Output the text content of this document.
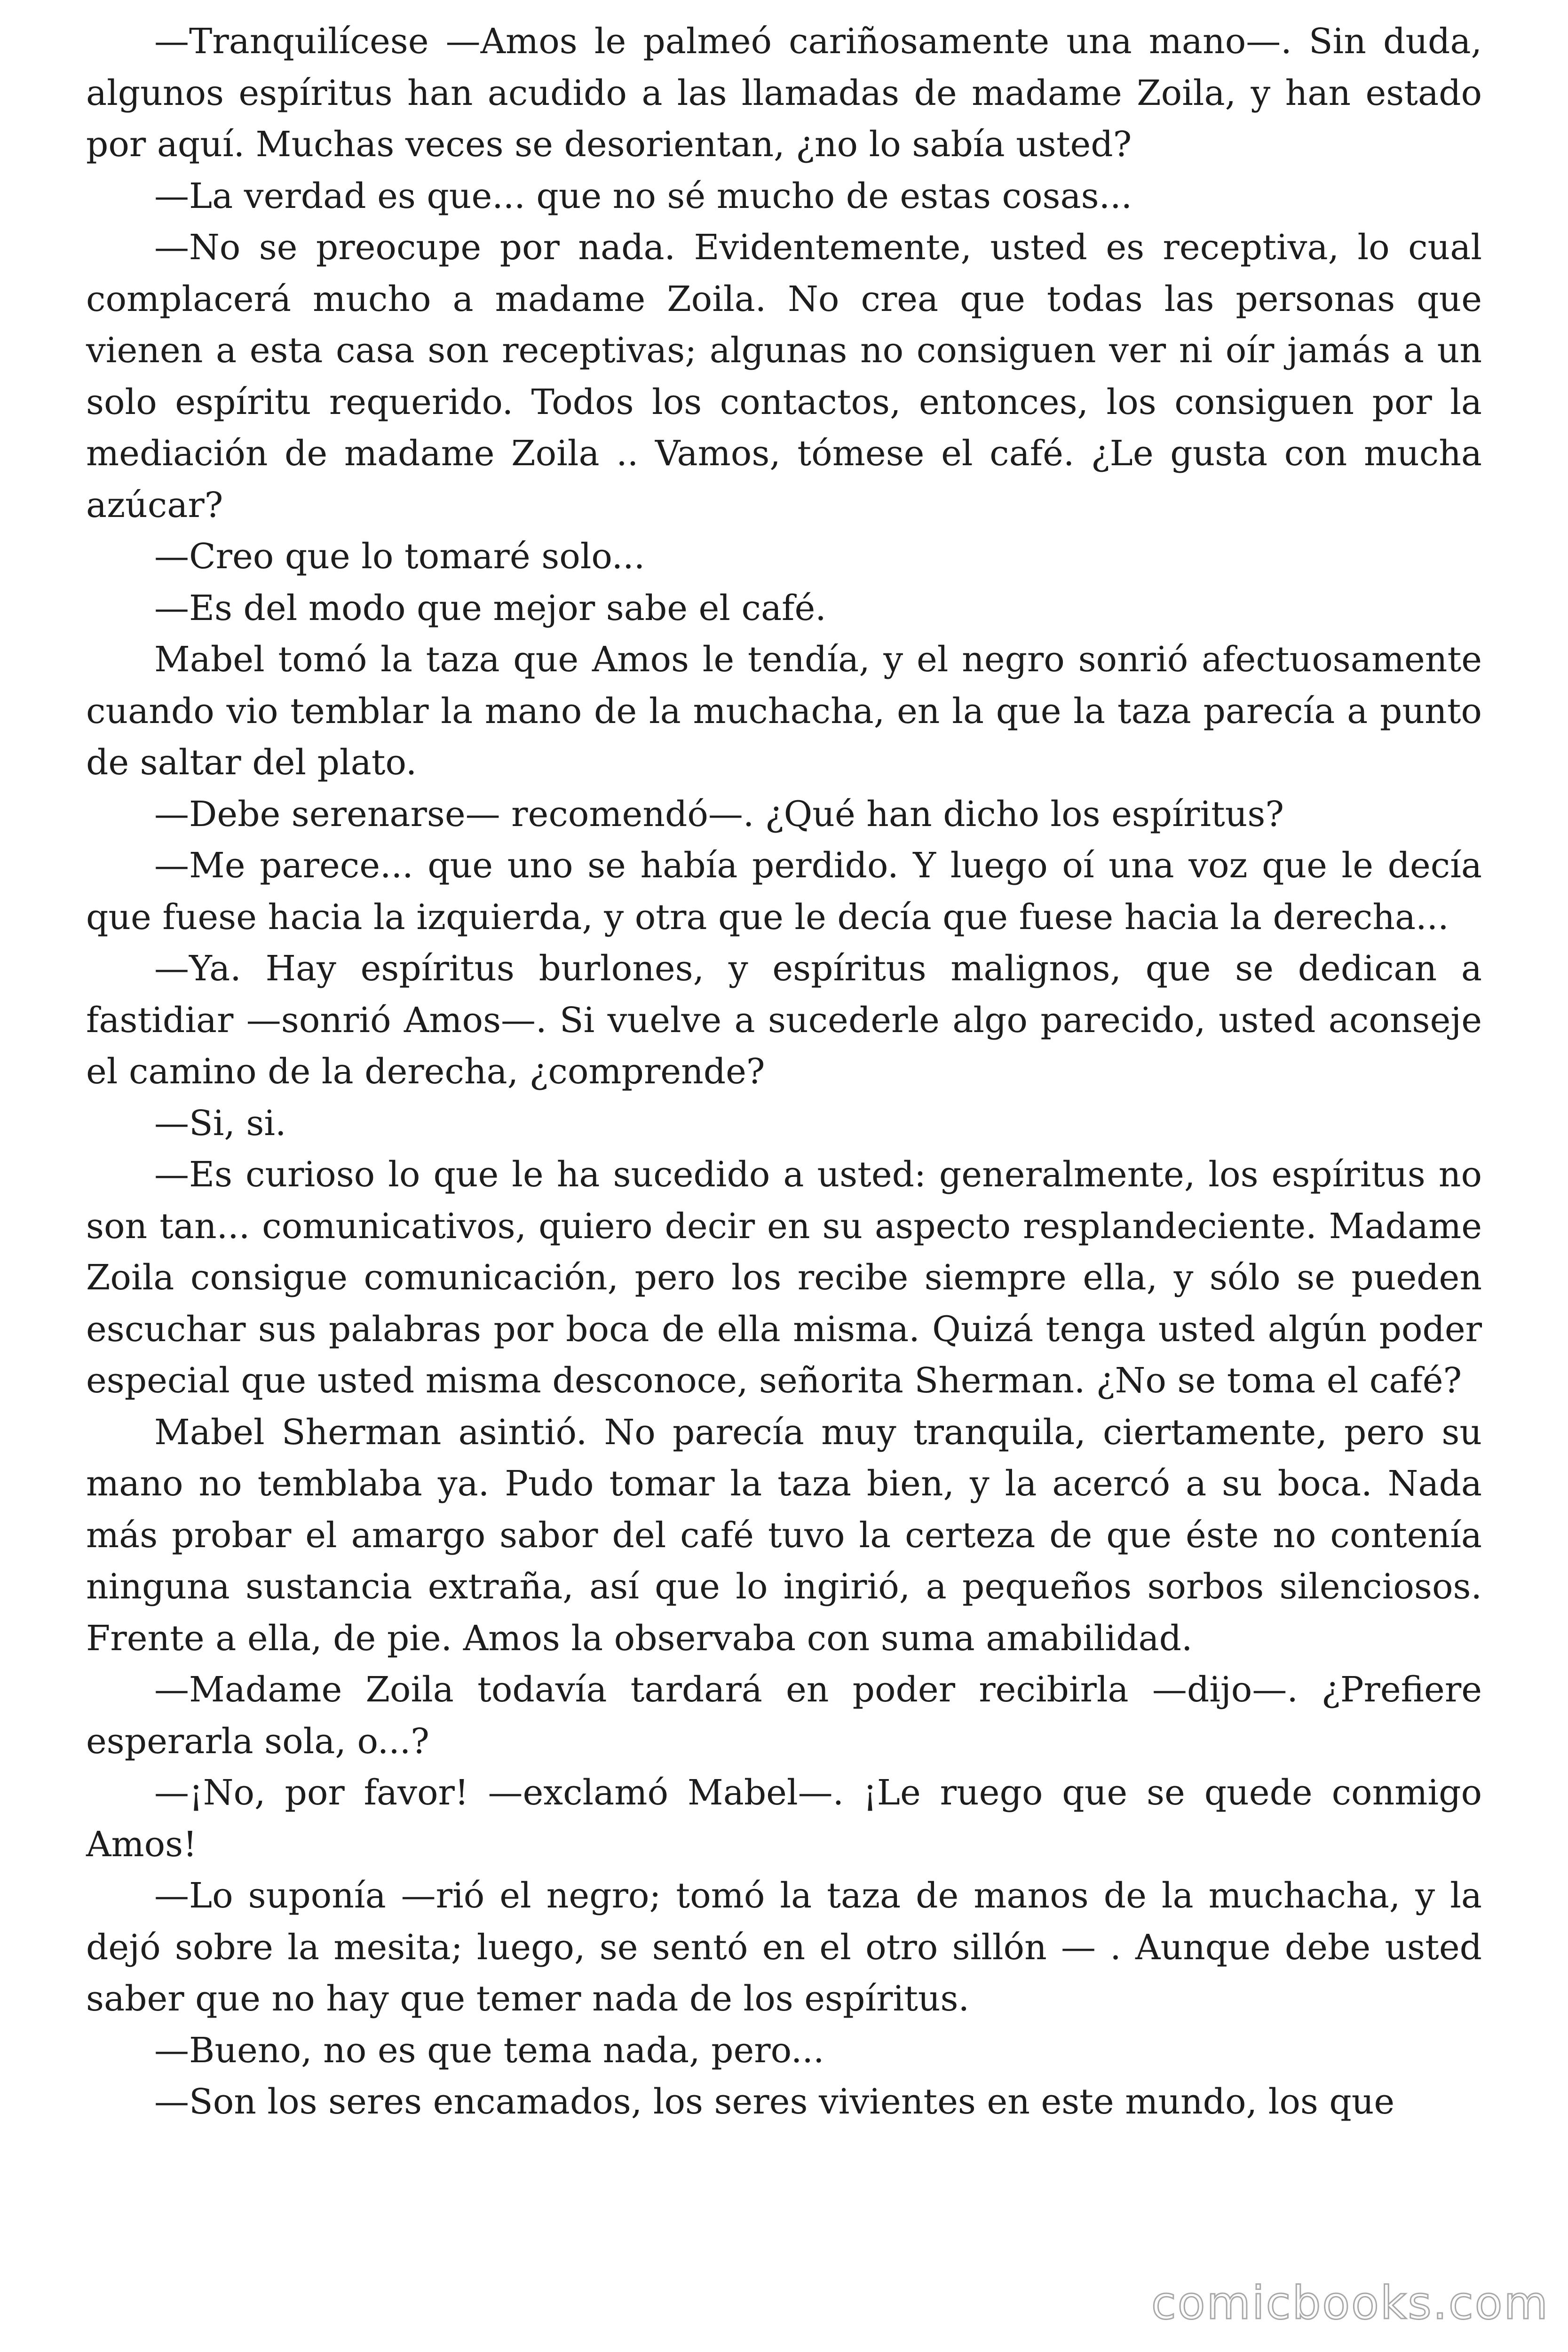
—Tranquilícese —Amos le palmeó cariñosamente una mano—. Sin duda, algunos espíritus han acudido a las llamadas de madame Zoila, y han estado por aquí. Muchas veces se desorientan, ¿no lo sabía usted?

—La verdad es que... que no sé mucho de estas cosas...

—No se preocupe por nada. Evidentemente, usted es receptiva, lo cual complacerá mucho a madame Zoila. No crea que todas las personas que vienen a esta casa son receptivas; algunas no consiguen ver ni oír jamás a un solo espíritu requerido. Todos los contactos, entonces, los consiguen por la mediación de madame Zoila .. Vamos, tómese el café. ¿Le gusta con mucha azúcar?

—Creo que lo tomaré solo...

—Es del modo que mejor sabe el café.

Mabel tomó la taza que Amos le tendía, y el negro sonrió afectuosamente cuando vio temblar la mano de la muchacha, en la que la taza parecía a punto de saltar del plato.

—Debe serenarse— recomendó—. ¿Qué han dicho los espíritus?

—Me parece... que uno se había perdido. Y luego oí una voz que le decía que fuese hacia la izquierda, y otra que le decía que fuese hacia la derecha...

—Ya. Hay espíritus burlones, y espíritus malignos, que se dedican a fastidiar —sonrió Amos—. Si vuelve a sucederle algo parecido, usted aconseje el camino de la derecha, ¿comprende?

—Si, si.

—Es curioso lo que le ha sucedido a usted: generalmente, los espíritus no son tan... comunicativos, quiero decir en su aspecto resplandeciente. Madame Zoila consigue comunicación, pero los recibe siempre ella, y sólo se pueden escuchar sus palabras por boca de ella misma. Quizá tenga usted algún poder especial que usted misma desconoce, señorita Sherman. ¿No se toma el café?

Mabel Sherman asintió. No parecía muy tranquila, ciertamente, pero su mano no temblaba ya. Pudo tomar la taza bien, y la acercó a su boca. Nada más probar el amargo sabor del café tuvo la certeza de que éste no contenía ninguna sustancia extraña, así que lo ingirió, a pequeños sorbos silenciosos. Frente a ella, de pie. Amos la observaba con suma amabilidad.

—Madame Zoila todavía tardará en poder recibirla —dijo—. ¿Prefiere esperarla sola, o...?

—¡No, por favor! —exclamó Mabel—. ¡Le ruego que se quede conmigo Amos!

—Lo suponía —rió el negro; tomó la taza de manos de la muchacha, y la dejó sobre la mesita; luego, se sentó en el otro sillón — . Aunque debe usted saber que no hay que temer nada de los espíritus.

—Bueno, no es que tema nada, pero...

—Son los seres encamados, los seres vivientes en este mundo, los que

comicbooks.com
